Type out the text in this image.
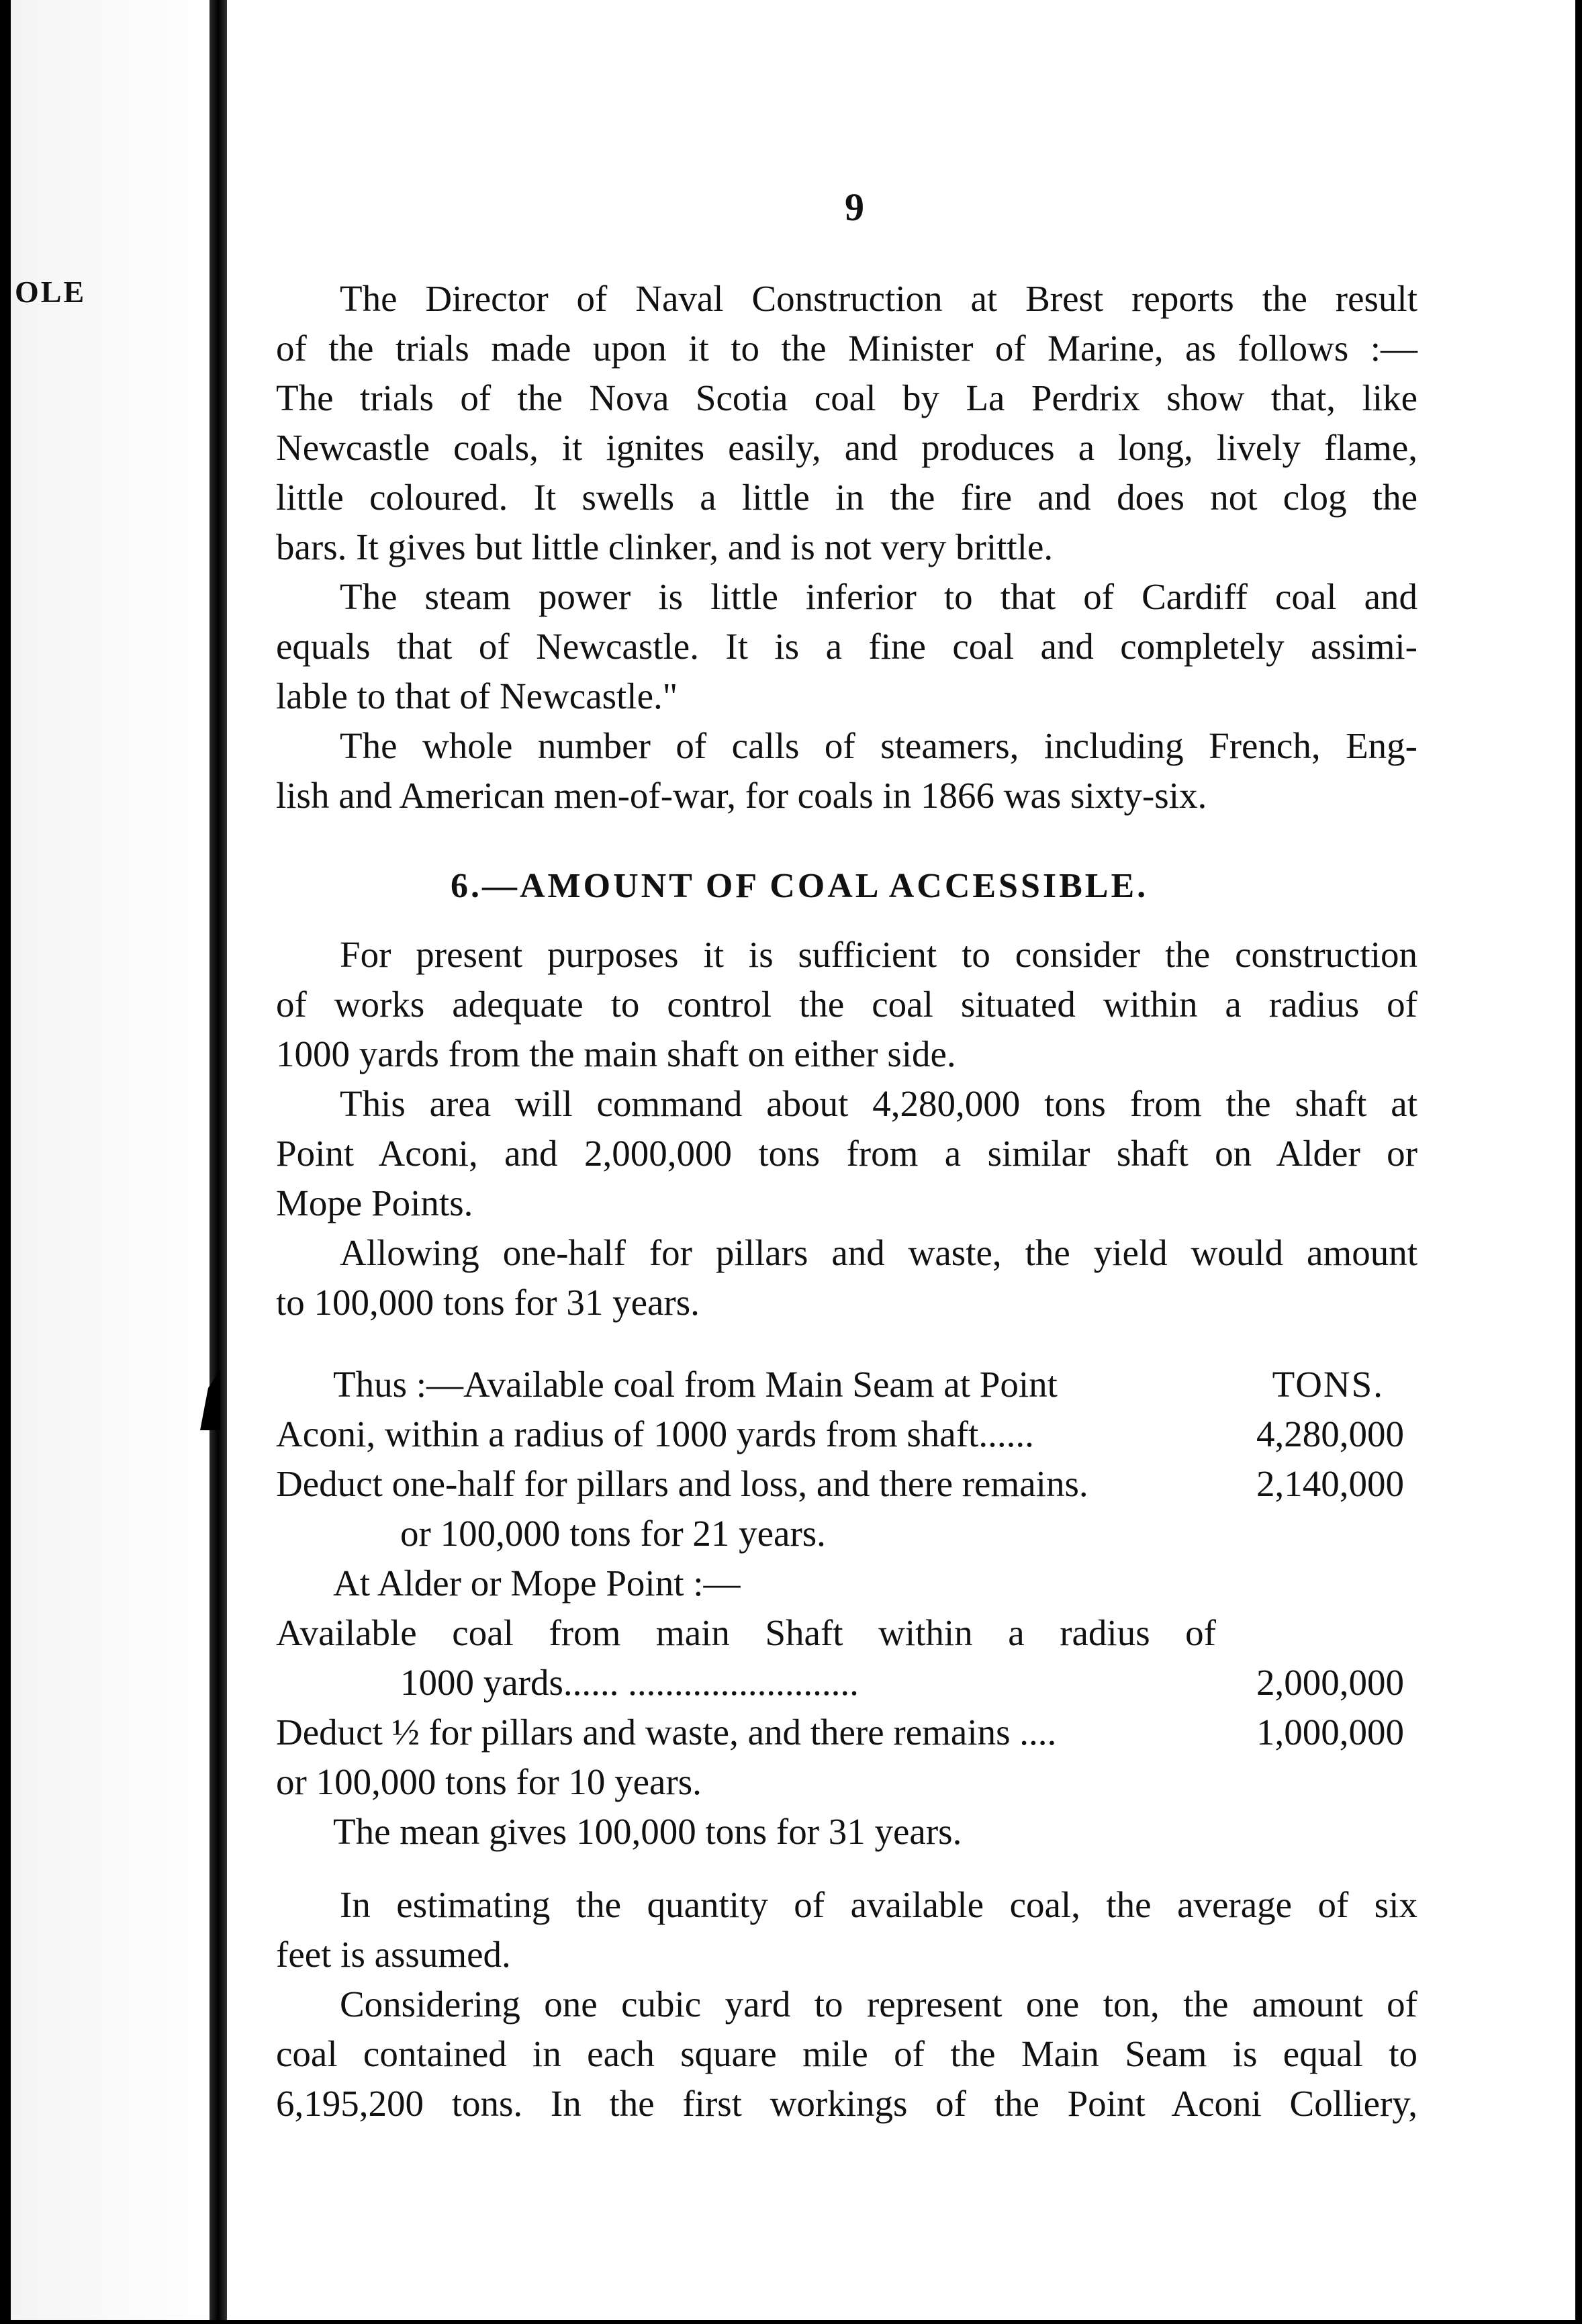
OLE
9
The Director of Naval Construction at Brest reports the result
of the trials made upon it to the Minister of Marine, as follows :—
The trials of the Nova Scotia coal by La Perdrix show that, like
Newcastle coals, it ignites easily, and produces a long, lively flame,
little coloured. It swells a little in the fire and does not clog the
bars. It gives but little clinker, and is not very brittle.
The steam power is little inferior to that of Cardiff coal and
equals that of Newcastle. It is a fine coal and completely assimi-
lable to that of Newcastle."
The whole number of calls of steamers, including French, Eng-
lish and American men-of-war, for coals in 1866 was sixty-six.
6.—AMOUNT OF COAL ACCESSIBLE.
For present purposes it is sufficient to consider the construction
of works adequate to control the coal situated within a radius of
1000 yards from the main shaft on either side.
This area will command about 4,280,000 tons from the shaft at
Point Aconi, and 2,000,000 tons from a similar shaft on Alder or
Mope Points.
Allowing one-half for pillars and waste, the yield would amount
to 100,000 tons for 31 years.
Thus :—Available coal from Main Seam at Point	TONS.
Aconi, within a radius of 1000 yards from shaft......	4,280,000
Deduct one-half for pillars and loss, and there remains.	2,140,000
or 100,000 tons for 21 years.
At Alder or Mope Point :—
Available coal from main Shaft within a radius of
1000 yards...... .........................	2,000,000
Deduct ½ for pillars and waste, and there remains ....	1,000,000
or 100,000 tons for 10 years.
The mean gives 100,000 tons for 31 years.
In estimating the quantity of available coal, the average of six
feet is assumed.
Considering one cubic yard to represent one ton, the amount of
coal contained in each square mile of the Main Seam is equal to
6,195,200 tons. In the first workings of the Point Aconi Colliery,
